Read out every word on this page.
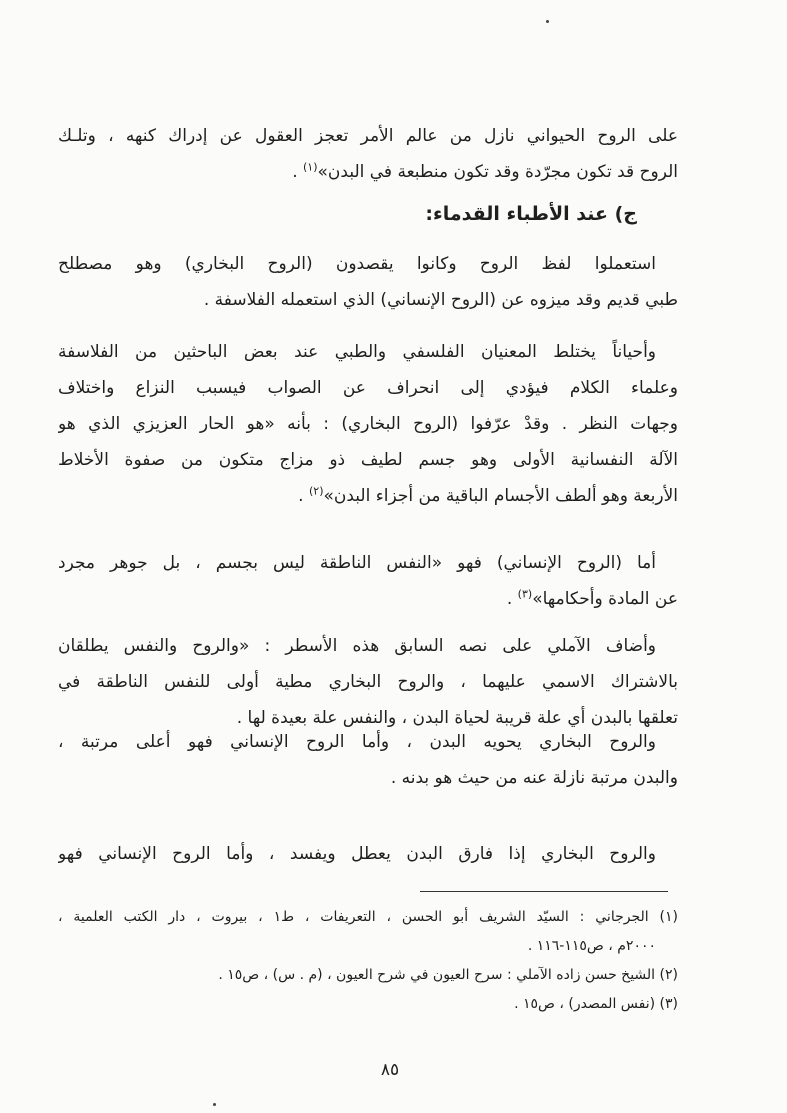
على الروح الحيواني نازل من عالم الأمر تعجز العقول عن إدراك كنهه ، وتلـك
الروح قد تكون مجرّدة وقد تكون منطبعة في البدن»$^{(١)}$ .
ج) عند الأطباء القدماء:
استعملوا لفظ الروح وكانوا يقصدون (الروح البخاري) وهو مصطلح
طبي قديم وقد ميزوه عن (الروح الإنساني) الذي استعمله الفلاسفة .
وأحياناً يختلط المعنيان الفلسفي والطبي عند بعض الباحثين من الفلاسفة
وعلماء الكلام فيؤدي إلى انحراف عن الصواب فيسبب النزاع واختلاف
وجهات النظر . وقدْ عرّفوا (الروح البخاري) : بأنه «هو الحار العزيزي الذي هو
الآلة النفسانية الأولى وهو جسم لطيف ذو مزاج متكون من صفوة الأخلاط
الأربعة وهو ألطف الأجسام الباقية من أجزاء البدن»$^{(٢)}$ .
أما (الروح الإنساني) فهو «النفس الناطقة ليس بجسم ، بل جوهر مجرد
عن المادة وأحكامها»$^{(٣)}$ .
وأضاف الآملي على نصه السابق هذه الأسطر : «والروح والنفس يطلقان
بالاشتراك الاسمي عليهما ، والروح البخاري مطية أولى للنفس الناطقة في
تعلقها بالبدن أي علة قريبة لحياة البدن ، والنفس علة بعيدة لها .
والروح البخاري يحويه البدن ، وأما الروح الإنساني فهو أعلى مرتبة ،
والبدن مرتبة نازلة عنه من حيث هو بدنه .
والروح البخاري إذا فارق البدن يعطل ويفسد ، وأما الروح الإنساني فهو

(١) الجرجاني : السيّد الشريف أبو الحسن ، التعريفات ، ط١ ، بيروت ، دار الكتب العلمية ،
٢٠٠٠م ، ص١١٥-١١٦ .

(٢) الشيخ حسن زاده الآملي : سرح العيون في شرح العيون ، (م . س) ، ص١٥ .

(٣) (نفس المصدر) ، ص١٥ .

٨٥
